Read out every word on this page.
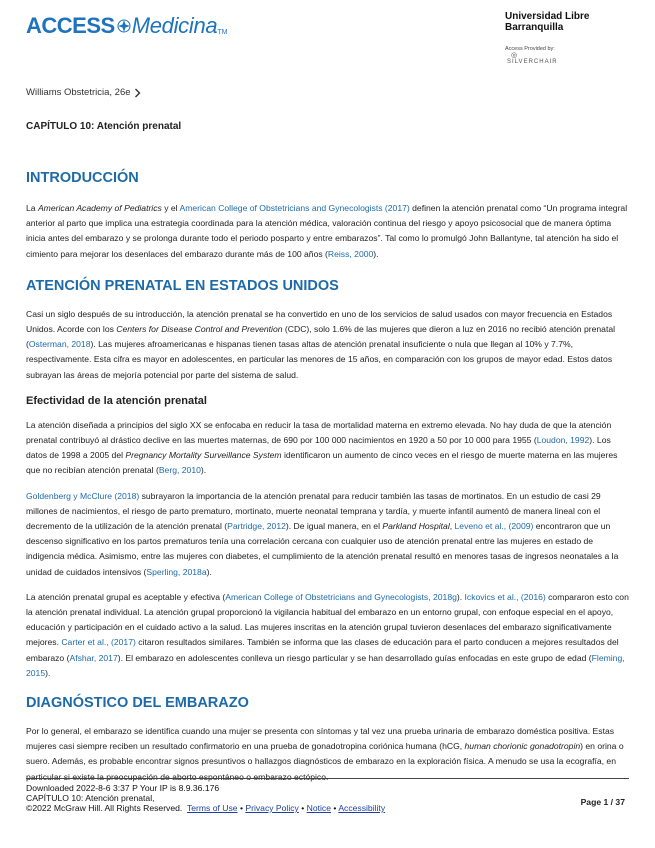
ACCESS Medicina TM
Universidad Libre Barranquilla
Access Provided by:
◎
SILVERCHAIR
Williams Obstetricia, 26e
CAPÍTULO 10: Atención prenatal
INTRODUCCIÓN

La American Academy of Pediatrics y el American College of Obstetricians and Gynecologists (2017) definen la atención prenatal como “Un programa integral anterior al parto que implica una estrategia coordinada para la atención médica, valoración continua del riesgo y apoyo psicosocial que de manera óptima inicia antes del embarazo y se prolonga durante todo el periodo posparto y entre embarazos”. Tal como lo promulgó John Ballantyne, tal atención ha sido el cimiento para mejorar los desenlaces del embarazo durante más de 100 años (Reiss, 2000).

ATENCIÓN PRENATAL EN ESTADOS UNIDOS

Casi un siglo después de su introducción, la atención prenatal se ha convertido en uno de los servicios de salud usados con mayor frecuencia en Estados Unidos. Acorde con los Centers for Disease Control and Prevention (CDC), solo 1.6% de las mujeres que dieron a luz en 2016 no recibió atención prenatal (Osterman, 2018). Las mujeres afroamericanas e hispanas tienen tasas altas de atención prenatal insuficiente o nula que llegan al 10% y 7.7%, respectivamente. Esta cifra es mayor en adolescentes, en particular las menores de 15 años, en comparación con los grupos de mayor edad. Estos datos subrayan las áreas de mejoría potencial por parte del sistema de salud.

Efectividad de la atención prenatal

La atención diseñada a principios del siglo XX se enfocaba en reducir la tasa de mortalidad materna en extremo elevada. No hay duda de que la atención prenatal contribuyó al drástico declive en las muertes maternas, de 690 por 100 000 nacimientos en 1920 a 50 por 10 000 para 1955 (Loudon, 1992). Los datos de 1998 a 2005 del Pregnancy Mortality Surveillance System identificaron un aumento de cinco veces en el riesgo de muerte materna en las mujeres que no recibían atención prenatal (Berg, 2010).

Goldenberg y McClure (2018) subrayaron la importancia de la atención prenatal para reducir también las tasas de mortinatos. En un estudio de casi 29 millones de nacimientos, el riesgo de parto prematuro, mortinato, muerte neonatal temprana y tardía, y muerte infantil aumentó de manera lineal con el decremento de la utilización de la atención prenatal (Partridge, 2012). De igual manera, en el Parkland Hospital, Leveno et al., (2009) encontraron que un descenso significativo en los partos prematuros tenía una correlación cercana con cualquier uso de atención prenatal entre las mujeres en estado de indigencia médica. Asimismo, entre las mujeres con diabetes, el cumplimiento de la atención prenatal resultó en menores tasas de ingresos neonatales a la unidad de cuidados intensivos (Sperling, 2018a).

La atención prenatal grupal es aceptable y efectiva (American College of Obstetricians and Gynecologists, 2018g). Ickovics et al., (2016) compararon esto con la atención prenatal individual. La atención grupal proporcionó la vigilancia habitual del embarazo en un entorno grupal, con enfoque especial en el apoyo, educación y participación en el cuidado activo a la salud. Las mujeres inscritas en la atención grupal tuvieron desenlaces del embarazo significativamente mejores. Carter et al., (2017) citaron resultados similares. También se informa que las clases de educación para el parto conducen a mejores resultados del embarazo (Afshar, 2017). El embarazo en adolescentes conlleva un riesgo particular y se han desarrollado guías enfocadas en este grupo de edad (Fleming, 2015).

DIAGNÓSTICO DEL EMBARAZO

Por lo general, el embarazo se identifica cuando una mujer se presenta con síntomas y tal vez una prueba urinaria de embarazo doméstica positiva. Estas mujeres casi siempre reciben un resultado confirmatorio en una prueba de gonadotropina coriónica humana (hCG, human chorionic gonadotropin) en orina o suero. Además, es probable encontrar signos presuntivos o hallazgos diagnósticos de embarazo en la exploración física. A menudo se usa la ecografía, en particular si existe la preocupación de aborto espontáneo o embarazo ectópico.

Downloaded 2022-8-6 3:37 P Your IP is 8.9.36.176
CAPÍTULO 10: Atención prenatal,
©2022 McGraw Hill. All Rights Reserved. Terms of Use • Privacy Policy • Notice • Accessibility
Page 1 / 37
